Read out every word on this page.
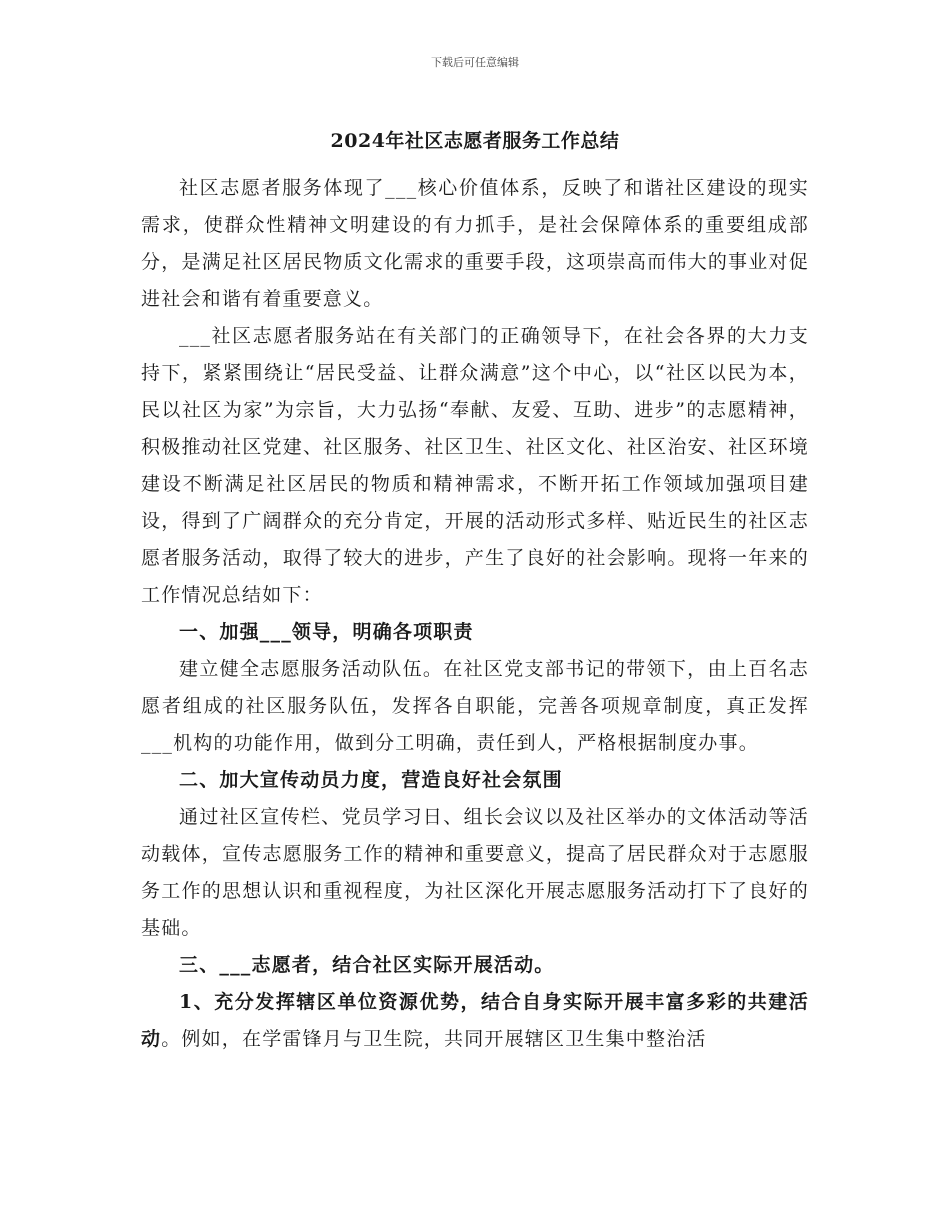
下载后可任意编辑
2024年社区志愿者服务工作总结

社区志愿者服务体现了___核心价值体系，反映了和谐社区建设的现实需求，使群众性精神文明建设的有力抓手，是社会保障体系的重要组成部分，是满足社区居民物质文化需求的重要手段，这项崇高而伟大的事业对促进社会和谐有着重要意义。

___社区志愿者服务站在有关部门的正确领导下，在社会各界的大力支持下，紧紧围绕让“居民受益、让群众满意”这个中心，以“社区以民为本，民以社区为家”为宗旨，大力弘扬“奉献、友爱、互助、进步”的志愿精神，积极推动社区党建、社区服务、社区卫生、社区文化、社区治安、社区环境建设不断满足社区居民的物质和精神需求，不断开拓工作领域加强项目建设，得到了广阔群众的充分肯定，开展的活动形式多样、贴近民生的社区志愿者服务活动，取得了较大的进步，产生了良好的社会影响。现将一年来的工作情况总结如下：

一、加强___领导，明确各项职责

建立健全志愿服务活动队伍。在社区党支部书记的带领下，由上百名志愿者组成的社区服务队伍，发挥各自职能，完善各项规章制度，真正发挥___机构的功能作用，做到分工明确，责任到人，严格根据制度办事。

二、加大宣传动员力度，营造良好社会氛围

通过社区宣传栏、党员学习日、组长会议以及社区举办的文体活动等活动载体，宣传志愿服务工作的精神和重要意义，提高了居民群众对于志愿服务工作的思想认识和重视程度，为社区深化开展志愿服务活动打下了良好的基础。

三、___志愿者，结合社区实际开展活动。

1、充分发挥辖区单位资源优势，结合自身实际开展丰富多彩的共建活动。例如，在学雷锋月与卫生院，共同开展辖区卫生集中整治活
